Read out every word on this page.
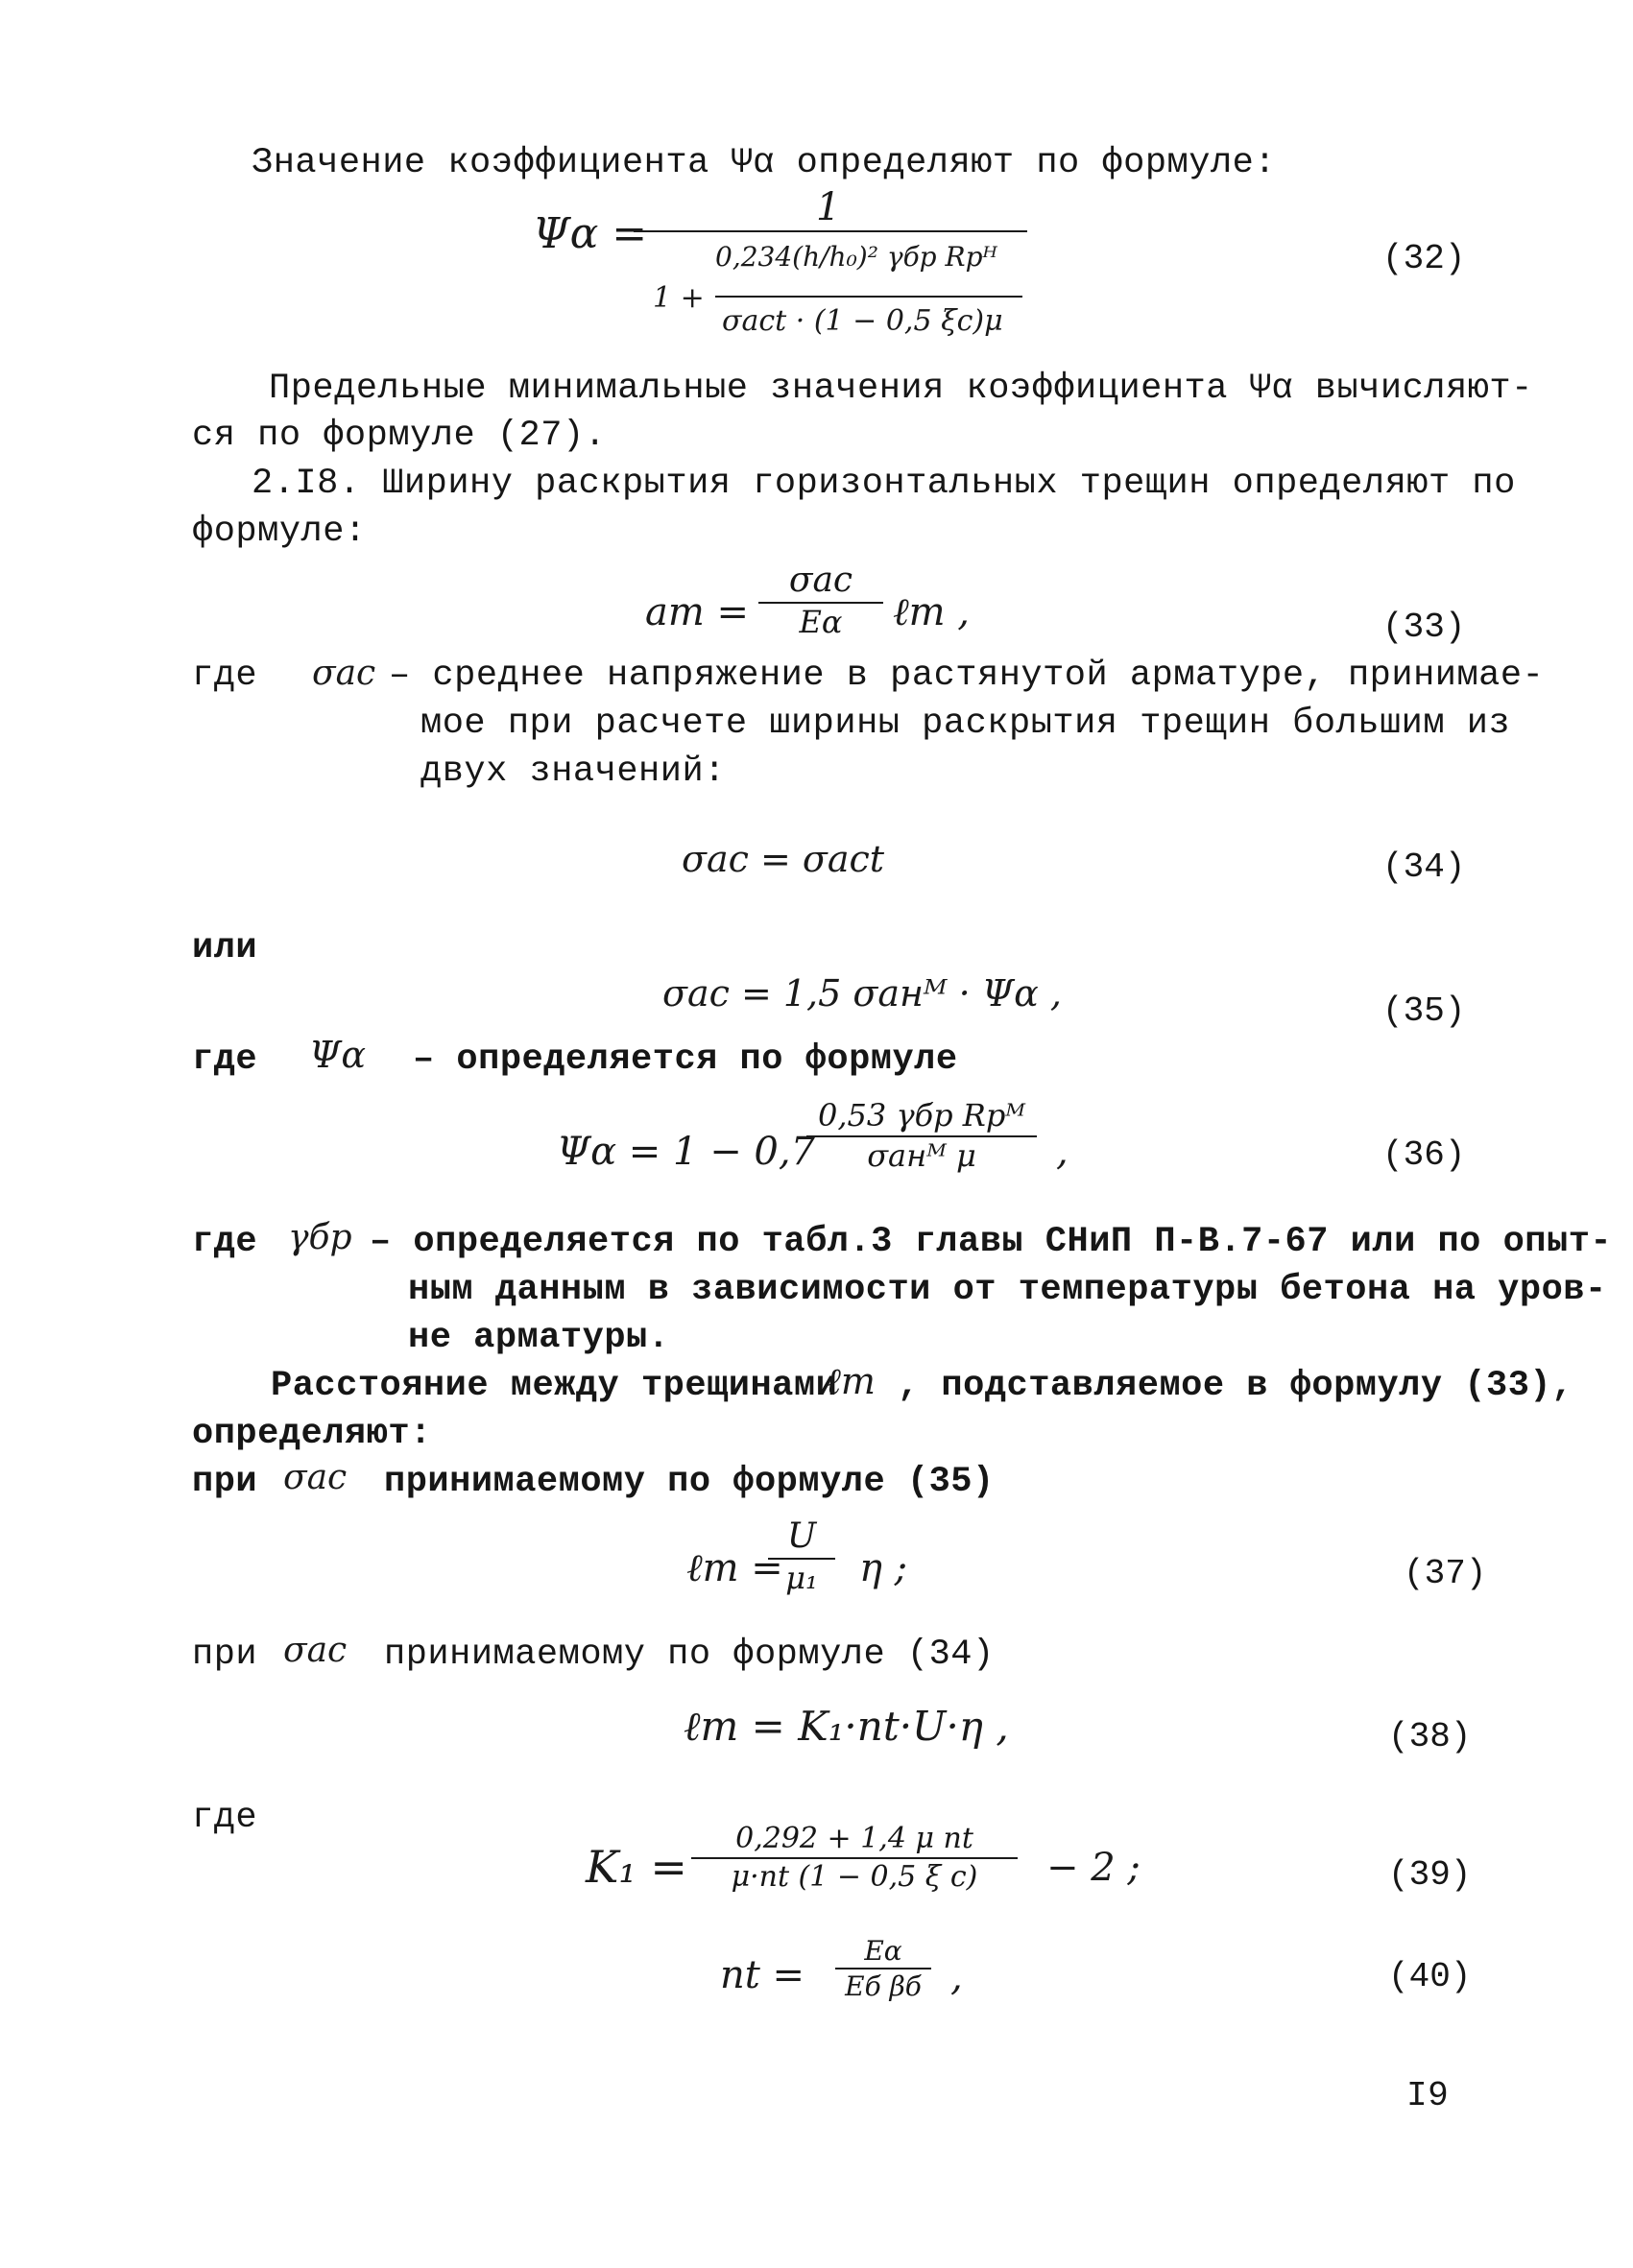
Значение коэффициента Ψα определяют по формуле:
Ψα =
1
1 +
0,234(h/h₀)² γбр Rрᴴ
σact · (1 − 0,5 ξc)μ
(32)
Предельные минимальные значения коэффициента Ψα вычисляют-
ся по формуле (27).
2.I8. Ширину раскрытия горизонтальных трещин определяют по
формуле:
aт =
σac
Eα ℓт ,	(33)
где σac – среднее напряжение в растянутой арматуре, принимае-
мое при расчете ширины раскрытия трещин большим из
двух значений:
σac = σact	(34)
или
σac = 1,5 σанᴹ · Ψα ,	(35)
где Ψα – определяется по формуле
Ψα = 1 − 0,7
0,53 γбр Rрᴹ
σанᴹ μ ,	(36)
где γбр – определяется по табл.3 главы СНиП П-В.7-67 или по опыт-
ным данным в зависимости от температуры бетона на уров-
не арматуры.
Расстояние между трещинами
ℓт , подставляемое в формулу (33),
определяют:
при σac принимаемому по формуле (35)
ℓт =
U
μ₁ η ;	(37)
при σac принимаемому по формуле (34)
ℓт = K₁·nt·U·η ,	(38)
где
K₁ =
0,292 + 1,4 μ nt
μ·nt (1 − 0,5 ξ c) − 2 ;	(39)
nt =
Eα
Eб βб ,	(40)
I9
